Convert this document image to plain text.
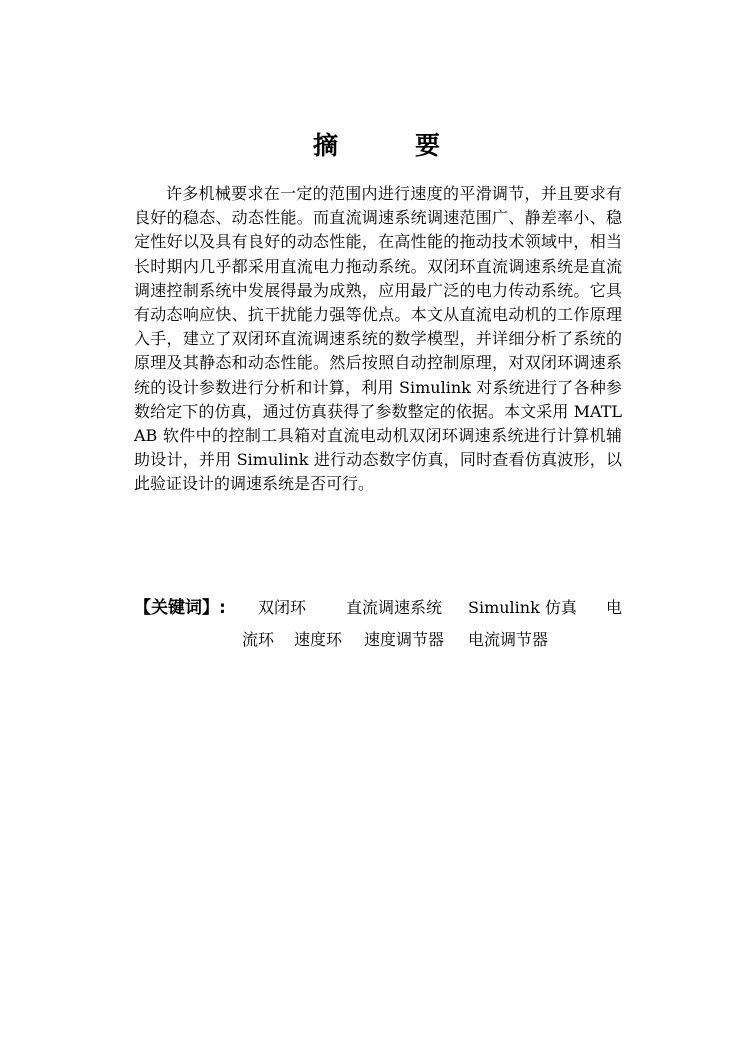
摘　要

许多机械要求在一定的范围内进行速度的平滑调节，并且要求有良好的稳态、动态性能。而直流调速系统调速范围广、静差率小、稳定性好以及具有良好的动态性能，在高性能的拖动技术领域中，相当长时期内几乎都采用直流电力拖动系统。双闭环直流调速系统是直流调速控制系统中发展得最为成熟，应用最广泛的电力传动系统。它具有动态响应快、抗干扰能力强等优点。本文从直流电动机的工作原理入手，建立了双闭环直流调速系统的数学模型，并详细分析了系统的原理及其静态和动态性能。然后按照自动控制原理，对双闭环调速系统的设计参数进行分析和计算，利用 Simulink 对系统进行了各种参数给定下的仿真，通过仿真获得了参数整定的依据。本文采用 MATLAB 软件中的控制工具箱对直流电动机双闭环调速系统进行计算机辅助设计，并用 Simulink 进行动态数字仿真，同时查看仿真波形，以此验证设计的调速系统是否可行。

【关键词】: 双闭环 直流调速系统 Simulink 仿真 电
流环 速度环 速度调节器 电流调节器
